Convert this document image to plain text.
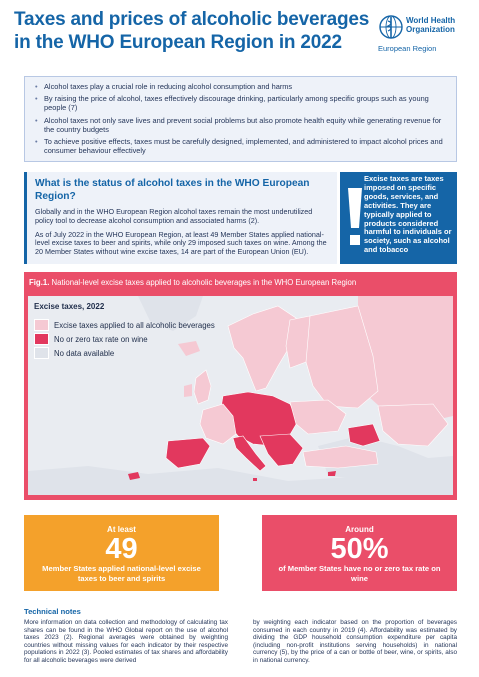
Taxes and prices of alcoholic beverages
in the WHO European Region in 2022
World Health
Organization
European Region
• Alcohol taxes play a crucial role in reducing alcohol consumption and harms
• By raising the price of alcohol, taxes effectively discourage drinking, particularly among specific groups such as young people (7)
• Alcohol taxes not only save lives and prevent social problems but also promote health equity while generating revenue for the country budgets
• To achieve positive effects, taxes must be carefully designed, implemented, and administered to impact alcohol prices and consumer behaviour effectively
What is the status of alcohol taxes in the WHO European Region?

Globally and in the WHO European Region alcohol taxes remain the most underutilized policy tool to decrease alcohol consumption and associated harms (2).

As of July 2022 in the WHO European Region, at least 49 Member States applied national-level excise taxes to beer and spirits, while only 29 imposed such taxes on wine. Among the 20 Member States without wine excise taxes, 14 are part of the European Union (EU).

Excise taxes are taxes imposed on specific goods, services, and activities. They are typically applied to products considered harmful to individuals or society, such as alcohol and tobacco
Fig.1. National-level excise taxes applied to alcoholic beverages in the WHO European Region
Excise taxes, 2022
Excise taxes applied to all alcoholic beverages
No or zero tax rate on wine
No data available
At least
49
Member States applied national-level excise taxes to beer and spirits
Around
50%
of Member States have no or zero tax rate on wine
Technical notes

More information on data collection and methodology of calculating tax shares can be found in the WHO Global report on the use of alcohol taxes 2023 (2). Regional averages were obtained by weighting countries without missing values for each indicator by their respective populations in 2022 (3). Pooled estimates of tax shares and affordability for all alcoholic beverages were derived

by weighting each indicator based on the proportion of beverages consumed in each country in 2019 (4). Affordability was estimated by dividing the GDP household consumption expenditure per capita (including non-profit institutions serving households) in national currency (5), by the price of a can or bottle of beer, wine, or spirits, also in national currency.
